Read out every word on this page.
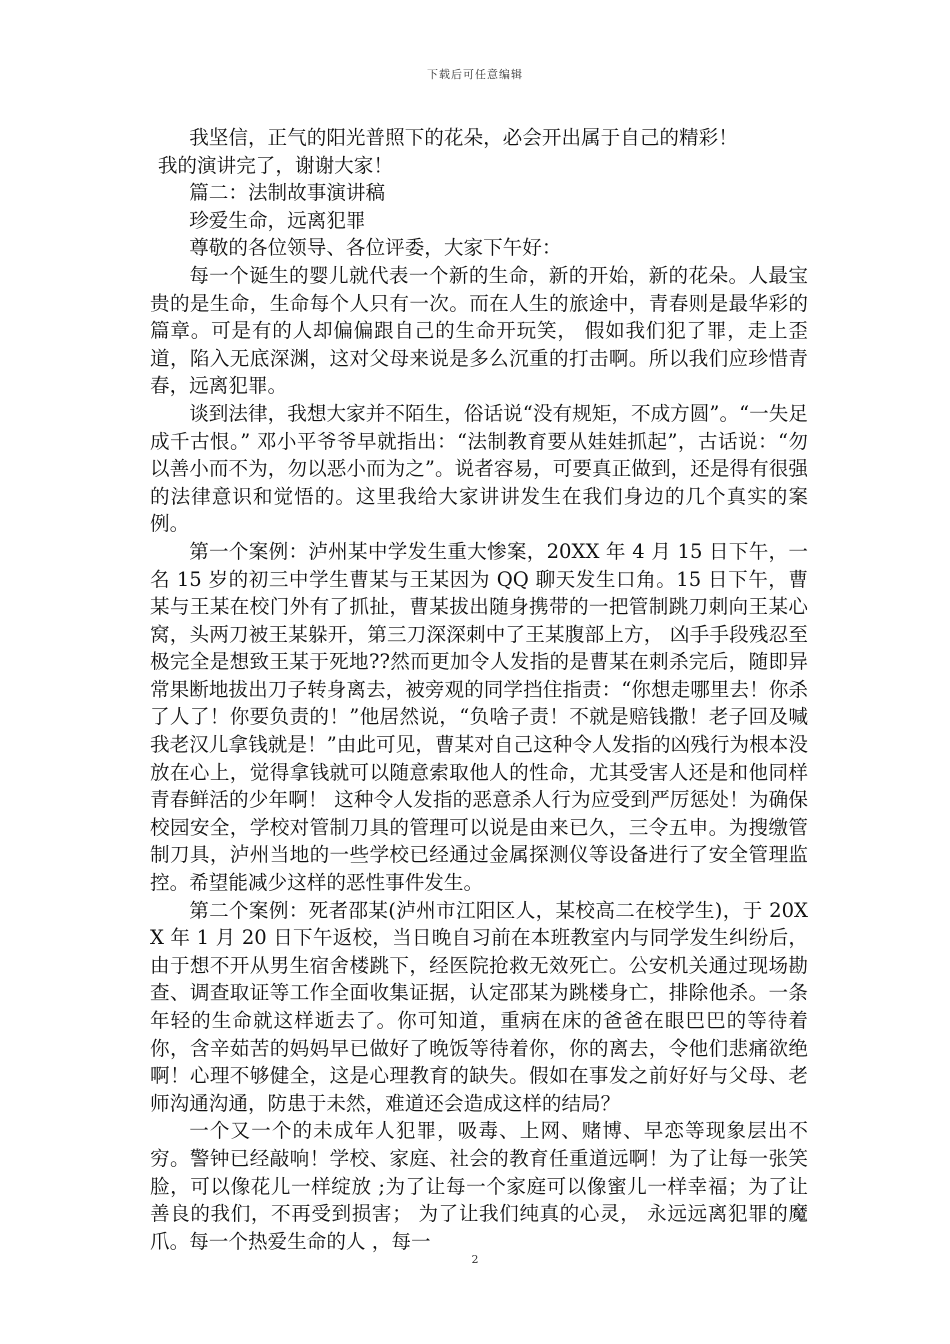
下载后可任意编辑

我坚信，正气的阳光普照下的花朵，必会开出属于自己的精彩！

我的演讲完了，谢谢大家！

篇二：法制故事演讲稿

珍爱生命，远离犯罪

尊敬的各位领导、各位评委，大家下午好：

每一个诞生的婴儿就代表一个新的生命，新的开始，新的花朵。人最宝贵的是生命，生命每个人只有一次。而在人生的旅途中，青春则是最华彩的篇章。可是有的人却偏偏跟自己的生命开玩笑， 假如我们犯了罪，走上歪道，陷入无底深渊，这对父母来说是多么沉重的打击啊。所以我们应珍惜青春，远离犯罪。

谈到法律，我想大家并不陌生，俗话说“没有规矩，不成方圆”。“一失足成千古恨。” 邓小平爷爷早就指出：“法制教育要从娃娃抓起”，古话说：“勿以善小而不为，勿以恶小而为之”。说者容易，可要真正做到，还是得有很强的法律意识和觉悟的。这里我给大家讲讲发生在我们身边的几个真实的案例。

第一个案例：泸州某中学发生重大惨案，20XX 年 4 月 15 日下午，一名 15 岁的初三中学生曹某与王某因为 QQ 聊天发生口角。15 日下午，曹某与王某在校门外有了抓扯，曹某拔出随身携带的一把管制跳刀刺向王某心窝，头两刀被王某躲开，第三刀深深刺中了王某腹部上方， 凶手手段残忍至极完全是想致王某于死地??然而更加令人发指的是曹某在刺杀完后，随即异常果断地拔出刀子转身离去，被旁观的同学挡住指责：“你想走哪里去！你杀了人了！你要负责的！”他居然说，“负啥子责！不就是赔钱撒！老子回及喊我老汉儿拿钱就是！”由此可见，曹某对自己这种令人发指的凶残行为根本没放在心上，觉得拿钱就可以随意索取他人的性命，尤其受害人还是和他同样青春鲜活的少年啊！ 这种令人发指的恶意杀人行为应受到严厉惩处！为确保校园安全，学校对管制刀具的管理可以说是由来已久，三令五申。为搜缴管制刀具，泸州当地的一些学校已经通过金属探测仪等设备进行了安全管理监控。希望能减少这样的恶性事件发生。

第二个案例：死者邵某(泸州市江阳区人，某校高二在校学生)，于 20XX 年 1 月 20 日下午返校，当日晚自习前在本班教室内与同学发生纠纷后，由于想不开从男生宿舍楼跳下，经医院抢救无效死亡。公安机关通过现场勘查、调查取证等工作全面收集证据，认定邵某为跳楼身亡，排除他杀。一条年轻的生命就这样逝去了。你可知道，重病在床的爸爸在眼巴巴的等待着你，含辛茹苦的妈妈早已做好了晚饭等待着你，你的离去，令他们悲痛欲绝啊！心理不够健全，这是心理教育的缺失。假如在事发之前好好与父母、老师沟通沟通，防患于未然，难道还会造成这样的结局？

一个又一个的未成年人犯罪，吸毒、上网、赌博、早恋等现象层出不穷。警钟已经敲响！学校、家庭、社会的教育任重道远啊！为了让每一张笑脸，可以像花儿一样绽放 ;为了让每一个家庭可以像蜜儿一样幸福；为了让善良的我们，不再受到损害； 为了让我们纯真的心灵， 永远远离犯罪的魔爪。每一个热爱生命的人 ，每一

2
